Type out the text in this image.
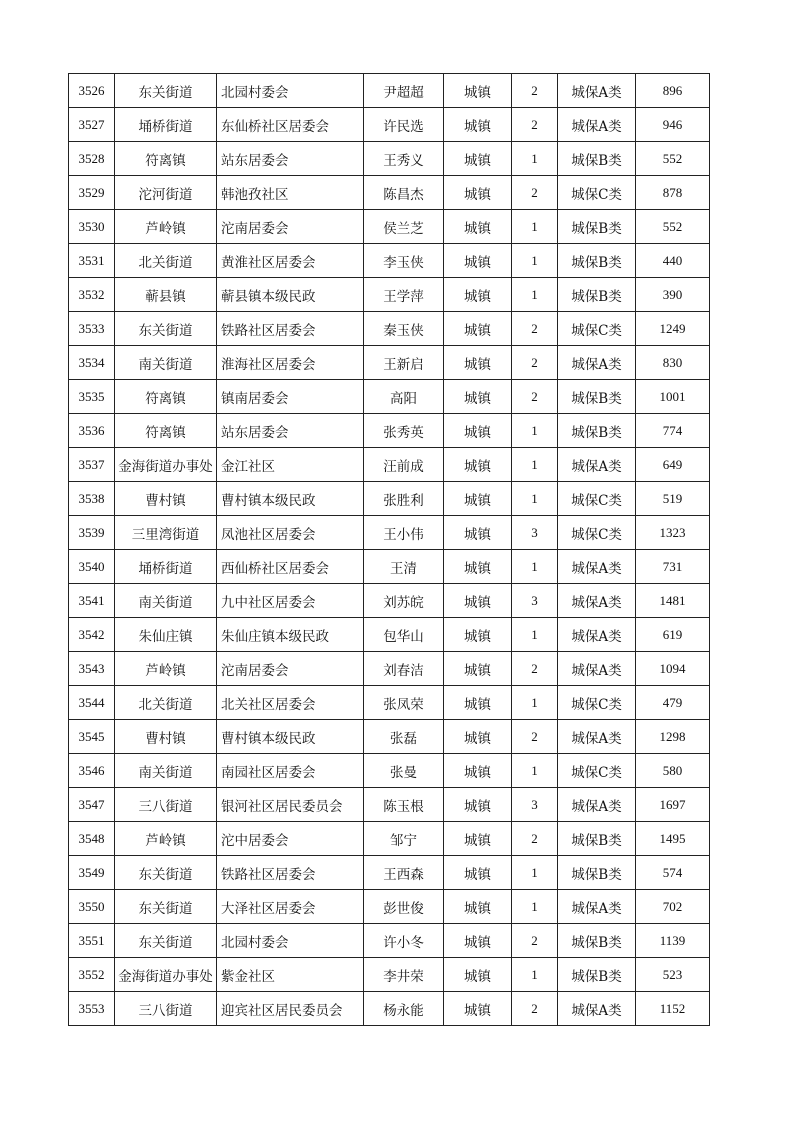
3526	东关街道	北园村委会	尹超超	城镇	2	城保A类	896
3527	埇桥街道	东仙桥社区居委会	许民选	城镇	2	城保A类	946
3528	符离镇	站东居委会	王秀义	城镇	1	城保B类	552
3529	沱河街道	韩池孜社区	陈昌杰	城镇	2	城保C类	878
3530	芦岭镇	沱南居委会	侯兰芝	城镇	1	城保B类	552
3531	北关街道	黄淮社区居委会	李玉侠	城镇	1	城保B类	440
3532	蕲县镇	蕲县镇本级民政	王学萍	城镇	1	城保B类	390
3533	东关街道	铁路社区居委会	秦玉侠	城镇	2	城保C类	1249
3534	南关街道	淮海社区居委会	王新启	城镇	2	城保A类	830
3535	符离镇	镇南居委会	高阳	城镇	2	城保B类	1001
3536	符离镇	站东居委会	张秀英	城镇	1	城保B类	774
3537	金海街道办事处	金江社区	汪前成	城镇	1	城保A类	649
3538	曹村镇	曹村镇本级民政	张胜利	城镇	1	城保C类	519
3539	三里湾街道	凤池社区居委会	王小伟	城镇	3	城保C类	1323
3540	埇桥街道	西仙桥社区居委会	王清	城镇	1	城保A类	731
3541	南关街道	九中社区居委会	刘苏皖	城镇	3	城保A类	1481
3542	朱仙庄镇	朱仙庄镇本级民政	包华山	城镇	1	城保A类	619
3543	芦岭镇	沱南居委会	刘春洁	城镇	2	城保A类	1094
3544	北关街道	北关社区居委会	张凤荣	城镇	1	城保C类	479
3545	曹村镇	曹村镇本级民政	张磊	城镇	2	城保A类	1298
3546	南关街道	南园社区居委会	张曼	城镇	1	城保C类	580
3547	三八街道	银河社区居民委员会	陈玉根	城镇	3	城保A类	1697
3548	芦岭镇	沱中居委会	邹宁	城镇	2	城保B类	1495
3549	东关街道	铁路社区居委会	王西森	城镇	1	城保B类	574
3550	东关街道	大泽社区居委会	彭世俊	城镇	1	城保A类	702
3551	东关街道	北园村委会	许小冬	城镇	2	城保B类	1139
3552	金海街道办事处	紫金社区	李井荣	城镇	1	城保B类	523
3553	三八街道	迎宾社区居民委员会	杨永能	城镇	2	城保A类	1152
